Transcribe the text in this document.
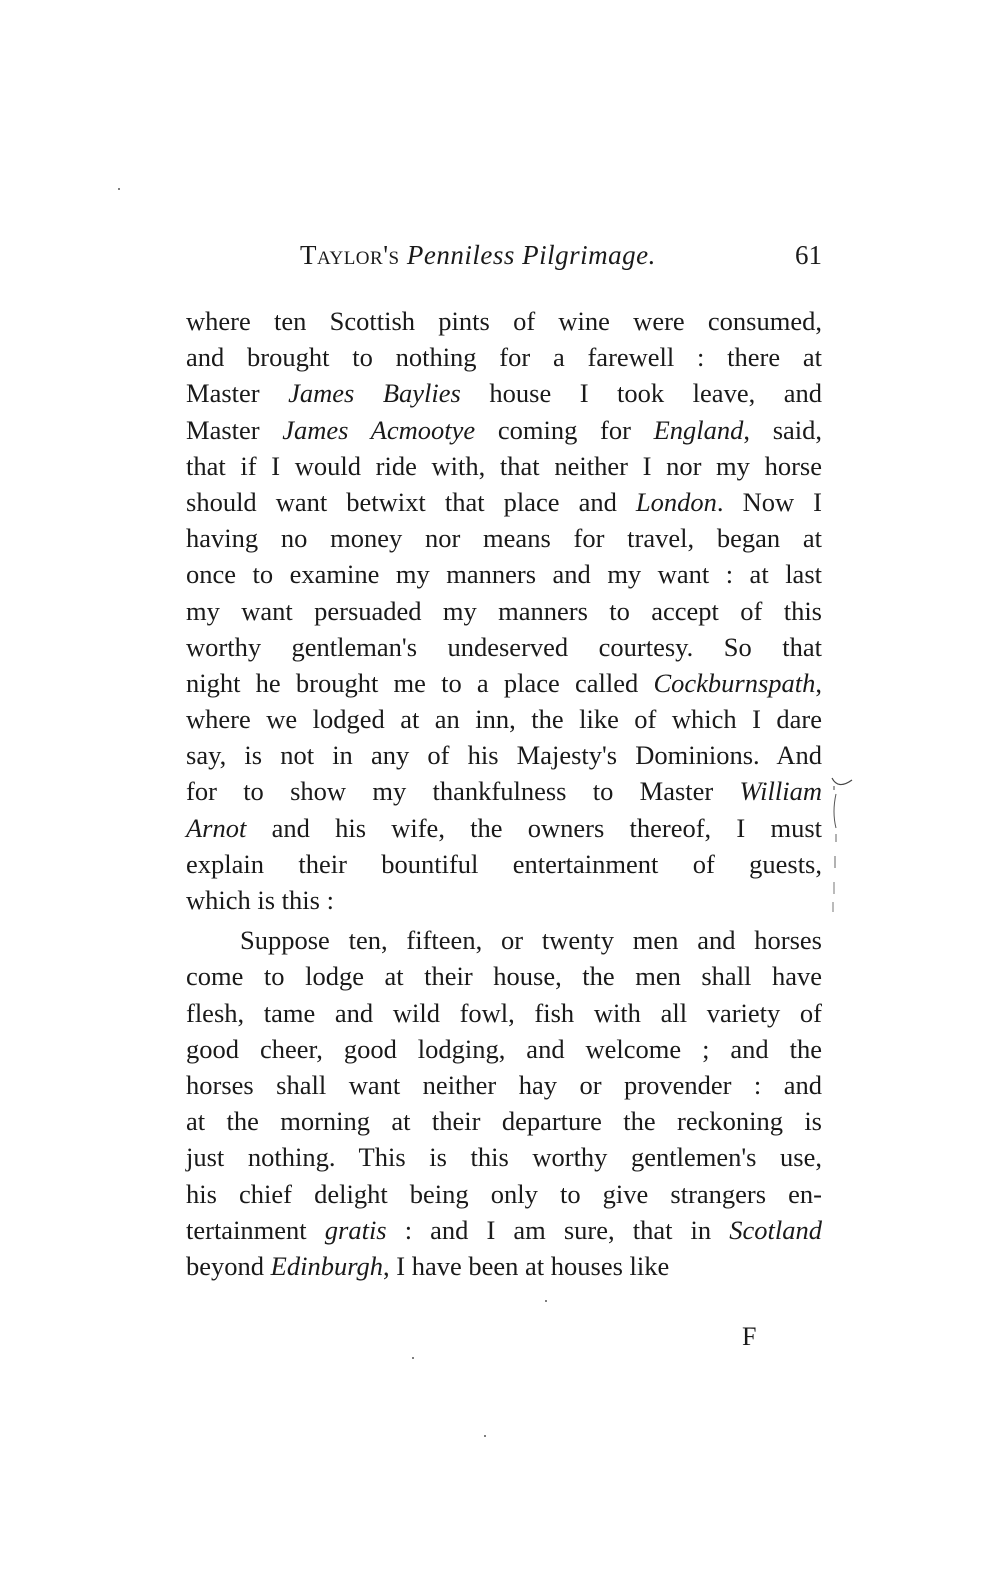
Taylor's Penniless Pilgrimage.	61
where ten Scottish pints of wine were consumed,
and brought to nothing for a farewell : there at
Master James Baylies house I took leave, and
Master James Acmootye coming for England, said,
that if I would ride with, that neither I nor my horse
should want betwixt that place and London. Now I
having no money nor means for travel, began at
once to examine my manners and my want : at last
my want persuaded my manners to accept of this
worthy gentleman's undeserved courtesy. So that
night he brought me to a place called Cockburnspath,
where we lodged at an inn, the like of which I dare
say, is not in any of his Majesty's Dominions. And
for to show my thankfulness to Master William
Arnot and his wife, the owners thereof, I must
explain their bountiful entertainment of guests,
which is this :
Suppose ten, fifteen, or twenty men and horses
come to lodge at their house, the men shall have
flesh, tame and wild fowl, fish with all variety of
good cheer, good lodging, and welcome ; and the
horses shall want neither hay or provender : and
at the morning at their departure the reckoning is
just nothing. This is this worthy gentlemen's use,
his chief delight being only to give strangers en-
tertainment gratis : and I am sure, that in Scotland
beyond Edinburgh, I have been at houses like
F
